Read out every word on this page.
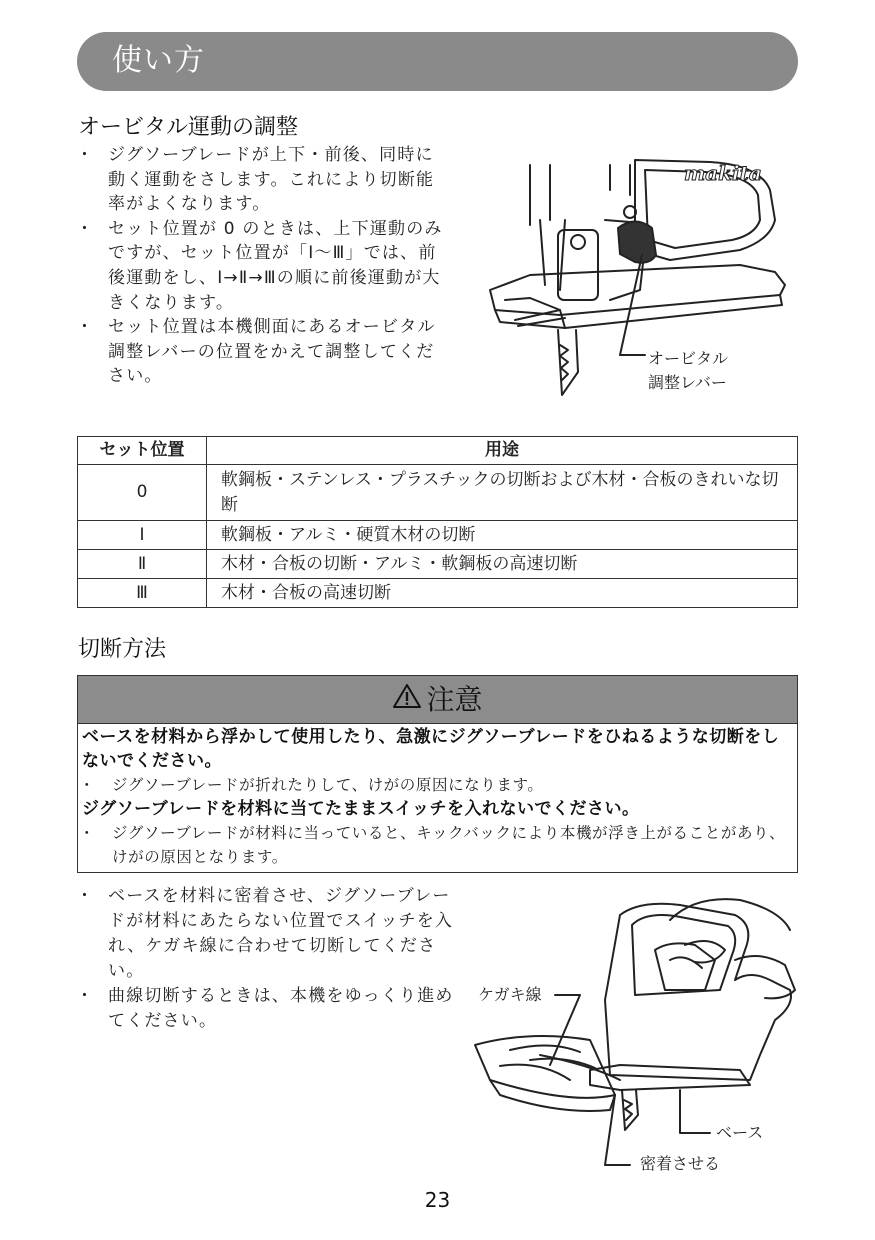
使い方
オービタル運動の調整
・ ジグソーブレードが上下・前後、同時に動く運動をさします。これにより切断能率がよくなります。
・ セット位置が 0 のときは、上下運動のみですが、セット位置が「Ⅰ～Ⅲ」では、前後運動をし、Ⅰ→Ⅱ→Ⅲの順に前後運動が大きくなります。
・ セット位置は本機側面にあるオービタル調整レバーの位置をかえて調整してください。
makita
オービタル
調整レバー
セット位置	用途
0	軟鋼板・ステンレス・プラスチックの切断および木材・合板のきれいな切断
Ⅰ	軟鋼板・アルミ・硬質木材の切断
Ⅱ	木材・合板の切断・アルミ・軟鋼板の高速切断
Ⅲ	木材・合板の高速切断
切断方法
注意
ベースを材料から浮かして使用したり、急激にジグソーブレードをひねるような切断をしないでください。
・ ジグソーブレードが折れたりして、けがの原因になります。
ジグソーブレードを材料に当てたままスイッチを入れないでください。
・ ジグソーブレードが材料に当っていると、キックバックにより本機が浮き上がることがあり、けがの原因となります。
・ ベースを材料に密着させ、ジグソーブレードが材料にあたらない位置でスイッチを入れ、ケガキ線に合わせて切断してください。
・ 曲線切断するときは、本機をゆっくり進めてください。
ケガキ線
ベース
密着させる
23
